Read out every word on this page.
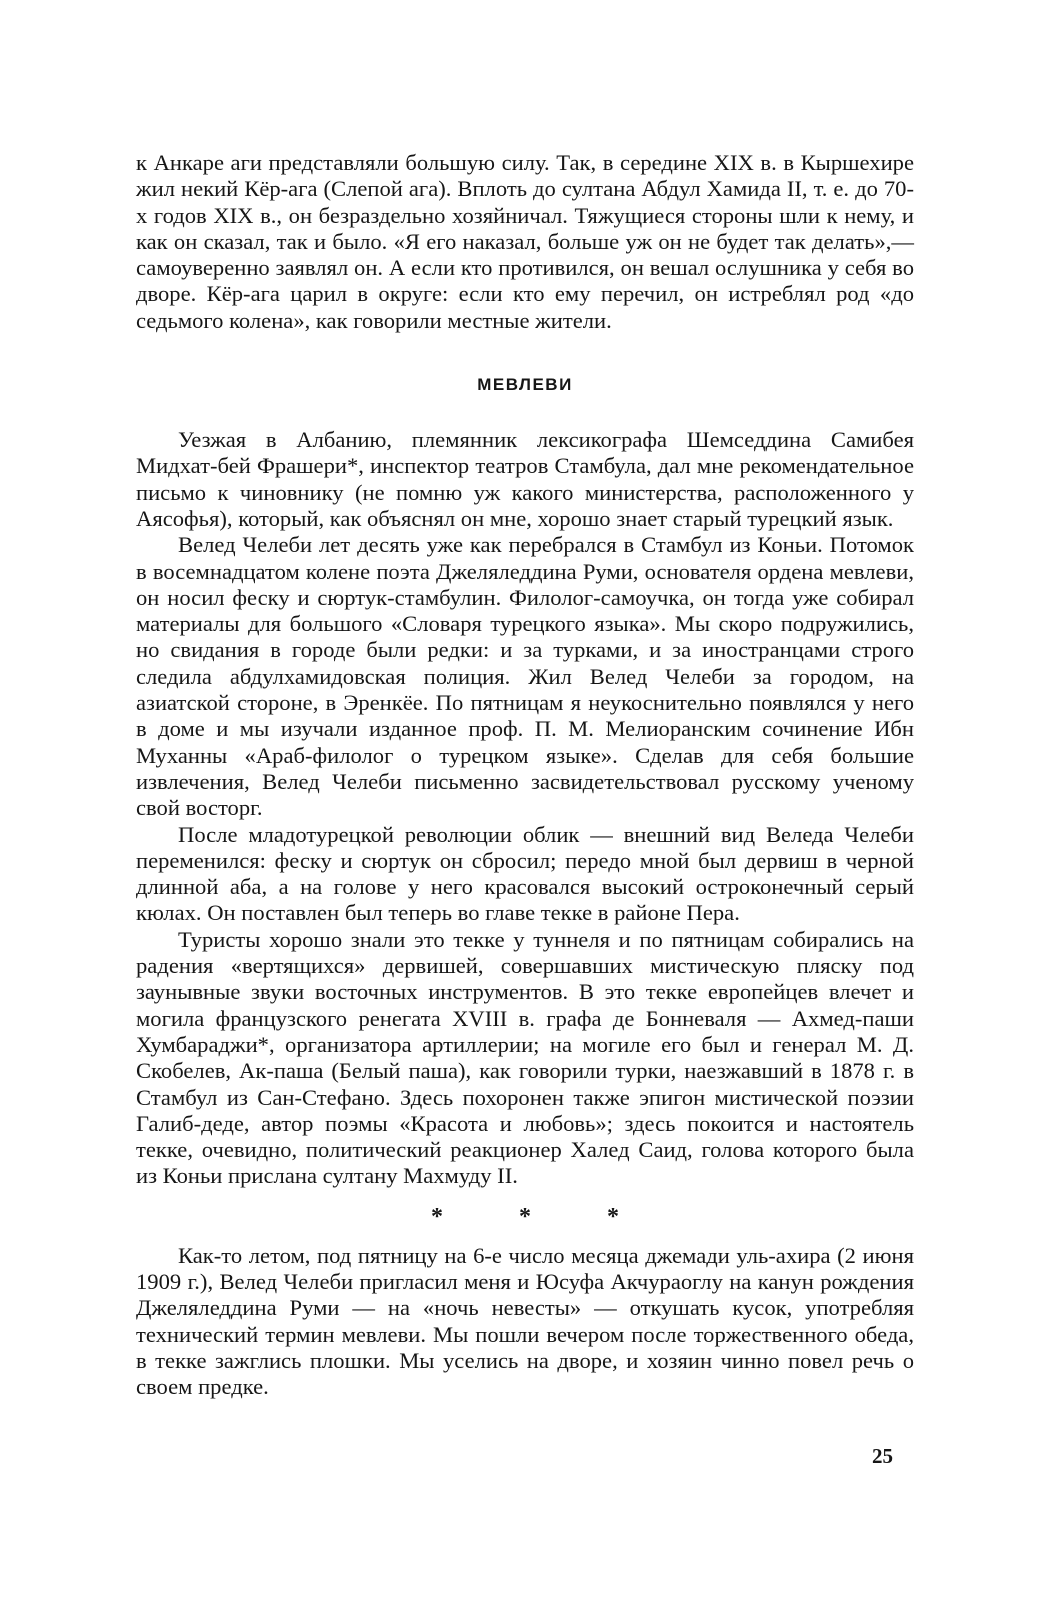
к Анкаре аги представляли большую силу. Так, в середине XIX в. в Кыршехире жил некий Кёр-ага (Слепой ага). Вплоть до султана Абдул Хамида II, т. е. до 70-х годов XIX в., он безраздельно хозяйничал. Тяжущиеся стороны шли к нему, и как он сказал, так и было. «Я его наказал, больше уж он не будет так делать»,— самоуверенно заявлял он. А если кто противился, он вешал ослушника у себя во дворе. Кёр-ага царил в округе: если кто ему перечил, он истреблял род «до седьмого колена», как говорили местные жители.

МЕВЛЕВИ

Уезжая в Албанию, племянник лексикографа Шемседдина Самибея Мидхат-бей Фрашери*, инспектор театров Стамбула, дал мне рекомендательное письмо к чиновнику (не помню уж какого министерства, расположенного у Аясофья), который, как объяснял он мне, хорошо знает старый турецкий язык.

Велед Челеби лет десять уже как перебрался в Стамбул из Коньи. Потомок в восемнадцатом колене поэта Джеляледдина Руми, основателя ордена мевлеви, он носил феску и сюртук-стамбулин. Филолог-самоучка, он тогда уже собирал материалы для большого «Словаря турецкого языка». Мы скоро подружились, но свидания в городе были редки: и за турками, и за иностранцами строго следила абдулхамидовская полиция. Жил Велед Челеби за городом, на азиатской стороне, в Эренкёе. По пятницам я неукоснительно появлялся у него в доме и мы изучали изданное проф. П. М. Мелиоранским сочинение Ибн Муханны «Араб-филолог о турецком языке». Сделав для себя большие извлечения, Велед Челеби письменно засвидетельствовал русскому ученому свой восторг.

После младотурецкой революции облик — внешний вид Веледа Челеби переменился: феску и сюртук он сбросил; передо мной был дервиш в черной длинной аба, а на голове у него красовался высокий остроконечный серый кюлах. Он поставлен был теперь во главе текке в районе Пера.

Туристы хорошо знали это текке у туннеля и по пятницам собирались на радения «вертящихся» дервишей, совершавших мистическую пляску под заунывные звуки восточных инструментов. В это текке европейцев влечет и могила французского ренегата XVIII в. графа де Бонневаля — Ахмед-паши Хумбараджи*, организатора артиллерии; на могиле его был и генерал М. Д. Скобелев, Ак-паша (Белый паша), как говорили турки, наезжавший в 1878 г. в Стамбул из Сан-Стефано. Здесь похоронен также эпигон мистической поэзии Галиб-деде, автор поэмы «Красота и любовь»; здесь покоится и настоятель текке, очевидно, политический реакционер Халед Саид, голова которого была из Коньи прислана султану Махмуду II.

*	*	*

Как-то летом, под пятницу на 6-е число месяца джемади уль-ахира (2 июня 1909 г.), Велед Челеби пригласил меня и Юсуфа Акчураоглу на канун рождения Джеляледдина Руми — на «ночь невесты» — откушать кусок, употребляя технический термин мевлеви. Мы пошли вечером после торжественного обеда, в текке зажглись плошки. Мы уселись на дворе, и хозяин чинно повел речь о своем предке.

25
